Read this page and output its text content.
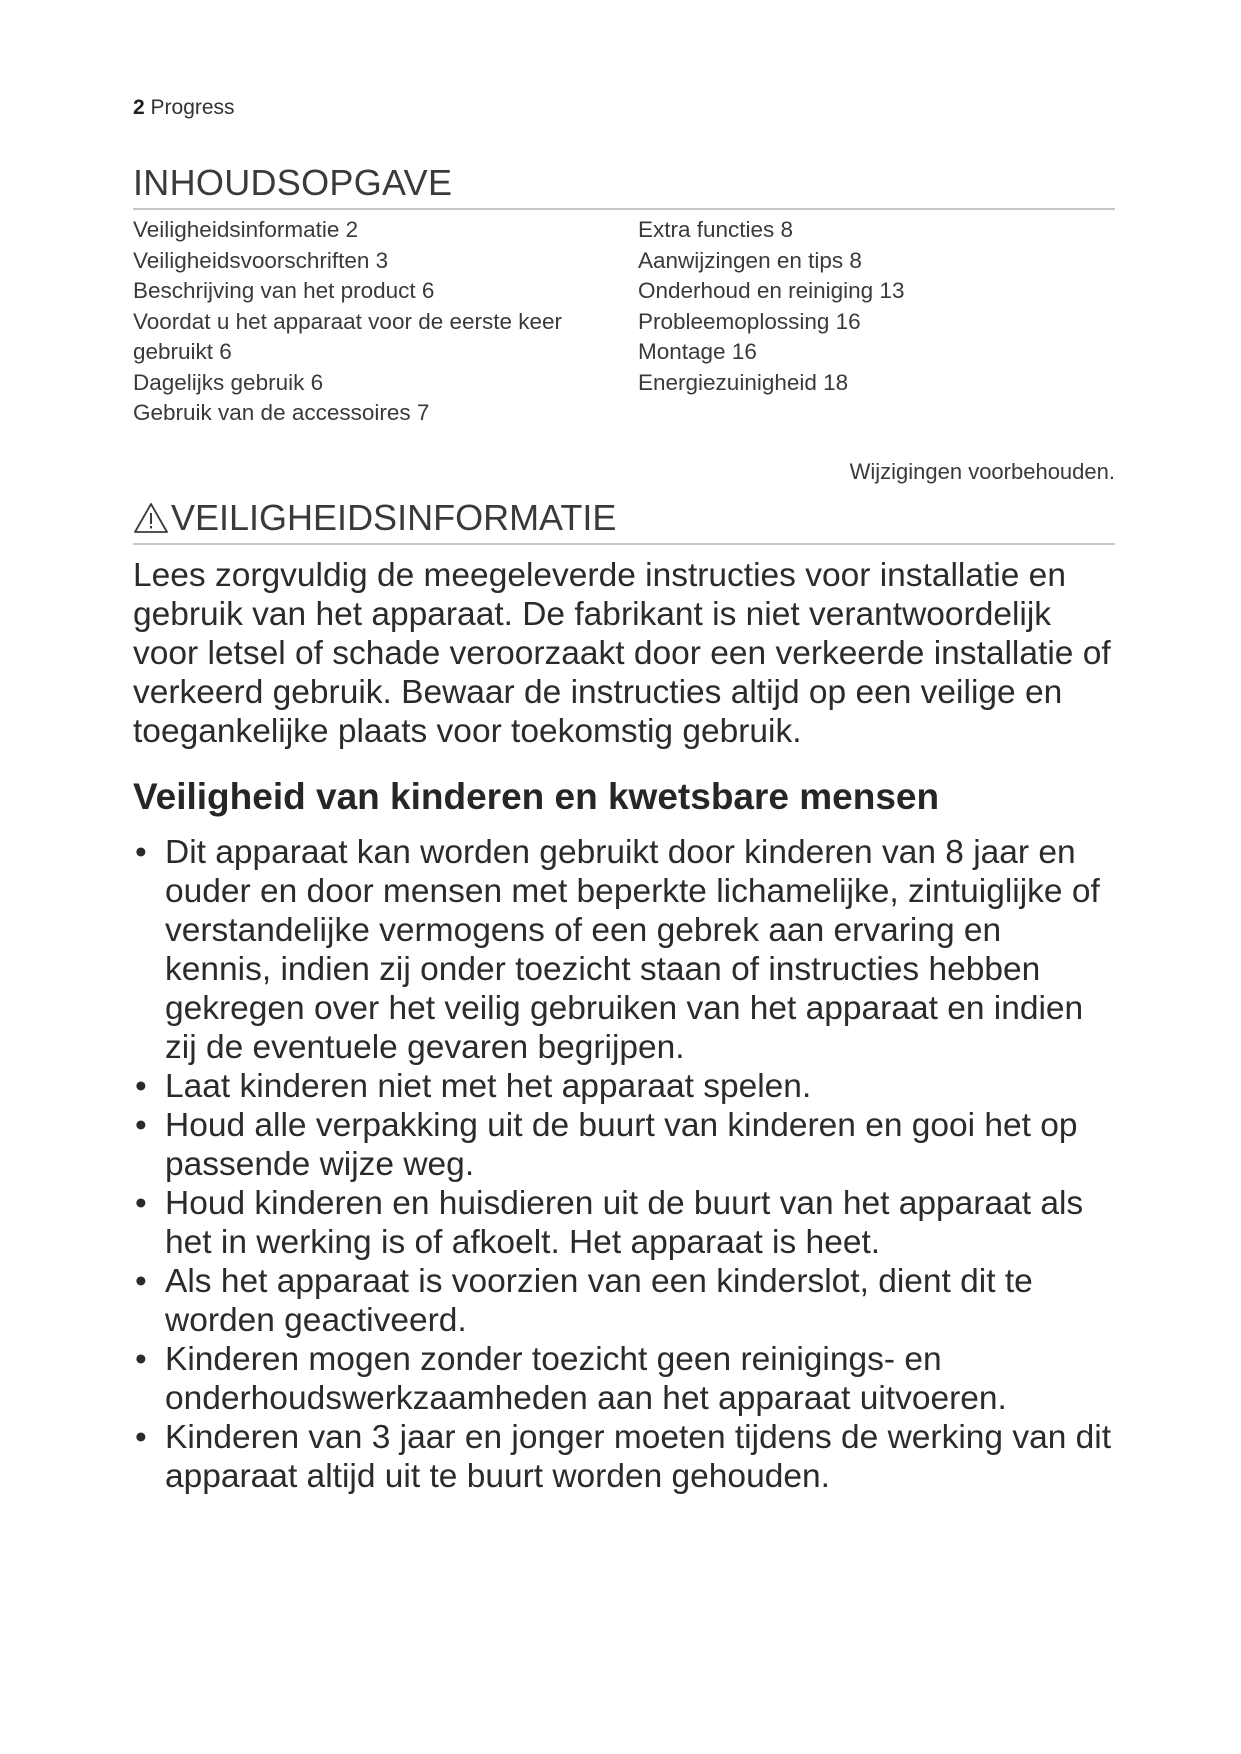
2 Progress
INHOUDSOPGAVE
Veiligheidsinformatie 2
Veiligheidsvoorschriften 3
Beschrijving van het product 6
Voordat u het apparaat voor de eerste keer gebruikt 6
Dagelijks gebruik 6
Gebruik van de accessoires 7
Extra functies 8
Aanwijzingen en tips 8
Onderhoud en reiniging 13
Probleemoplossing 16
Montage 16
Energiezuinigheid 18
Wijzigingen voorbehouden.
VEILIGHEIDSINFORMATIE

Lees zorgvuldig de meegeleverde instructies voor installatie en gebruik van het apparaat. De fabrikant is niet verantwoordelijk voor letsel of schade veroorzaakt door een verkeerde installatie of verkeerd gebruik. Bewaar de instructies altijd op een veilige en toegankelijke plaats voor toekomstig gebruik.

Veiligheid van kinderen en kwetsbare mensen
• Dit apparaat kan worden gebruikt door kinderen van 8 jaar en ouder en door mensen met beperkte lichamelijke, zintuiglijke of verstandelijke vermogens of een gebrek aan ervaring en kennis, indien zij onder toezicht staan of instructies hebben gekregen over het veilig gebruiken van het apparaat en indien zij de eventuele gevaren begrijpen.
• Laat kinderen niet met het apparaat spelen.
• Houd alle verpakking uit de buurt van kinderen en gooi het op passende wijze weg.
• Houd kinderen en huisdieren uit de buurt van het apparaat als het in werking is of afkoelt. Het apparaat is heet.
• Als het apparaat is voorzien van een kinderslot, dient dit te worden geactiveerd.
• Kinderen mogen zonder toezicht geen reinigings- en onderhoudswerkzaamheden aan het apparaat uitvoeren.
• Kinderen van 3 jaar en jonger moeten tijdens de werking van dit apparaat altijd uit te buurt worden gehouden.
